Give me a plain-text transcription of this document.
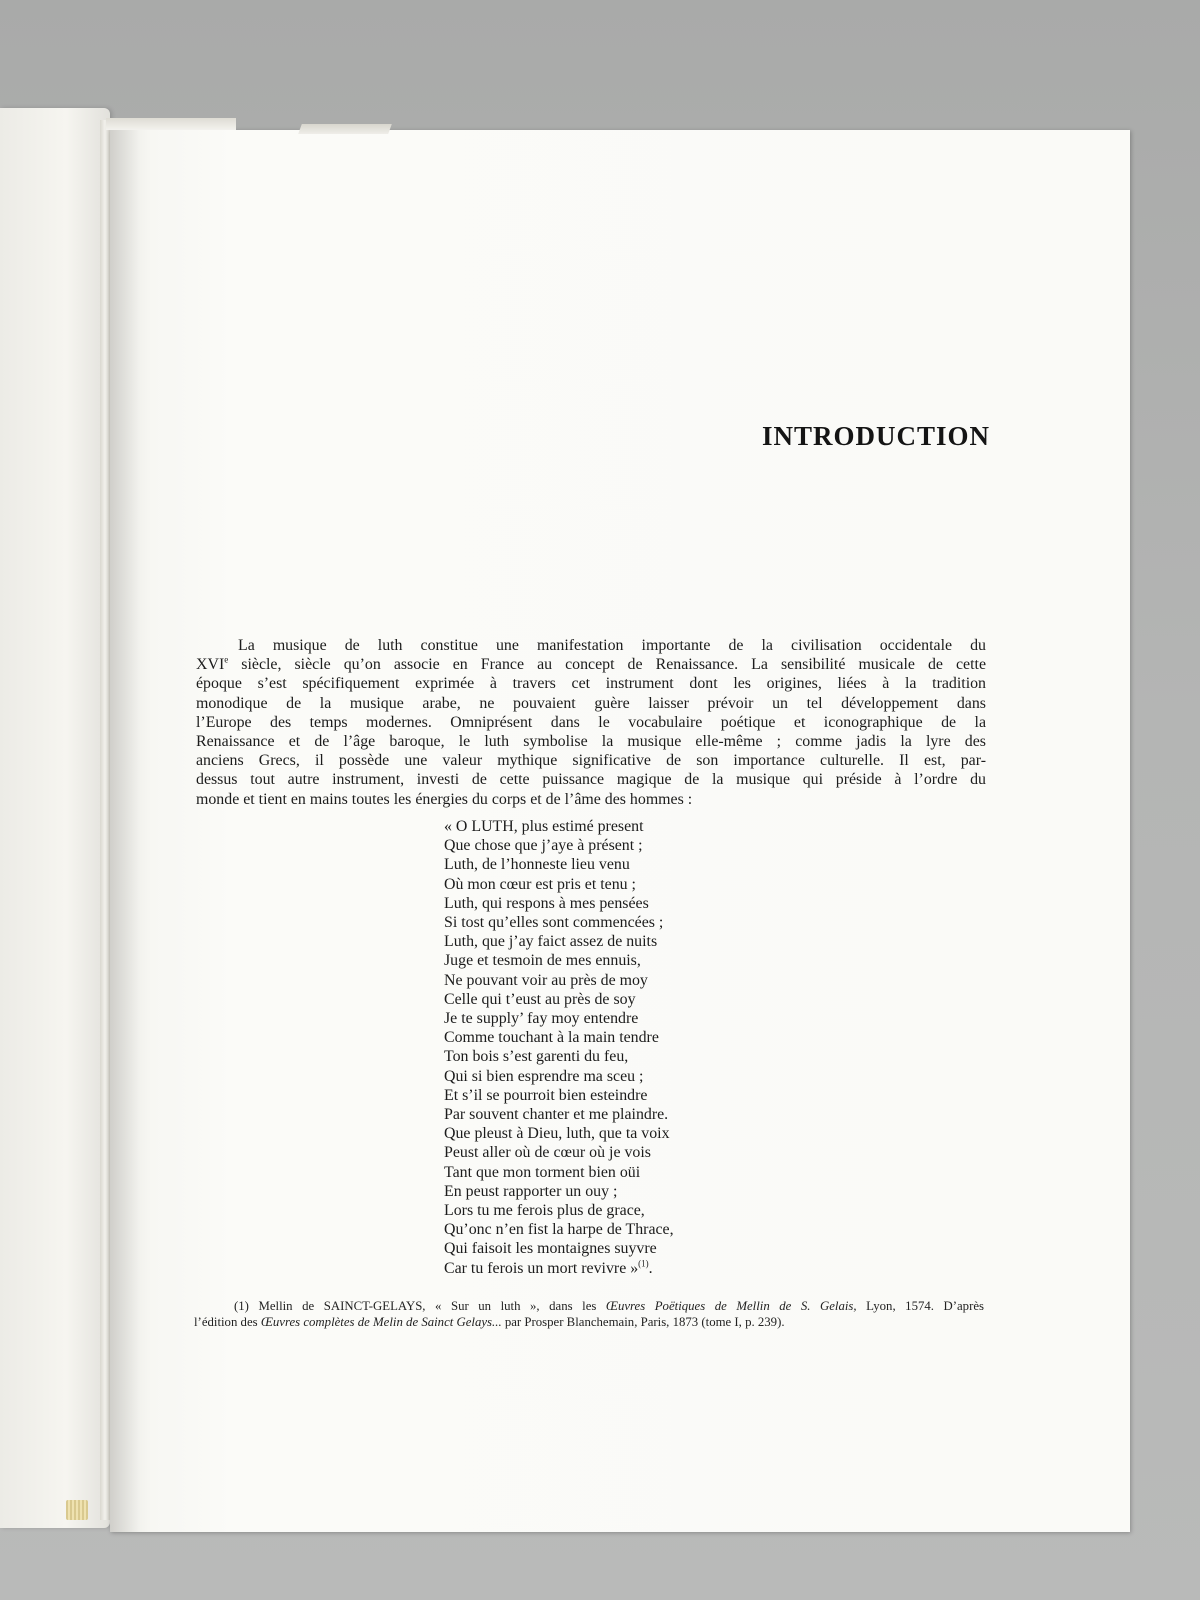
INTRODUCTION

La musique de luth constitue une manifestation importante de la civilisation occidentale du
XVIe siècle, siècle qu’on associe en France au concept de Renaissance. La sensibilité musicale de cette
époque s’est spécifiquement exprimée à travers cet instrument dont les origines, liées à la tradition
monodique de la musique arabe, ne pouvaient guère laisser prévoir un tel développement dans
l’Europe des temps modernes. Omniprésent dans le vocabulaire poétique et iconographique de la
Renaissance et de l’âge baroque, le luth symbolise la musique elle-même ; comme jadis la lyre des
anciens Grecs, il possède une valeur mythique significative de son importance culturelle. Il est, par-
dessus tout autre instrument, investi de cette puissance magique de la musique qui préside à l’ordre du
monde et tient en mains toutes les énergies du corps et de l’âme des hommes :

« O LUTH, plus estimé present
Que chose que j’aye à présent ;
Luth, de l’honneste lieu venu
Où mon cœur est pris et tenu ;
Luth, qui respons à mes pensées
Si tost qu’elles sont commencées ;
Luth, que j’ay faict assez de nuits
Juge et tesmoin de mes ennuis,
Ne pouvant voir au près de moy
Celle qui t’eust au près de soy
Je te supply’ fay moy entendre
Comme touchant à la main tendre
Ton bois s’est garenti du feu,
Qui si bien esprendre ma sceu ;
Et s’il se pourroit bien esteindre
Par souvent chanter et me plaindre.
Que pleust à Dieu, luth, que ta voix
Peust aller où de cœur où je vois
Tant que mon torment bien oüi
En peust rapporter un ouy ;
Lors tu me ferois plus de grace,
Qu’onc n’en fist la harpe de Thrace,
Qui faisoit les montaignes suyvre
Car tu ferois un mort revivre »$^{(1)}$.

(1) Mellin de SAINCT-GELAYS, « Sur un luth », dans les Œuvres Poëtiques de Mellin de S. Gelais, Lyon, 1574. D’après
l’édition des Œuvres complètes de Melin de Sainct Gelays... par Prosper Blanchemain, Paris, 1873 (tome I, p. 239).
